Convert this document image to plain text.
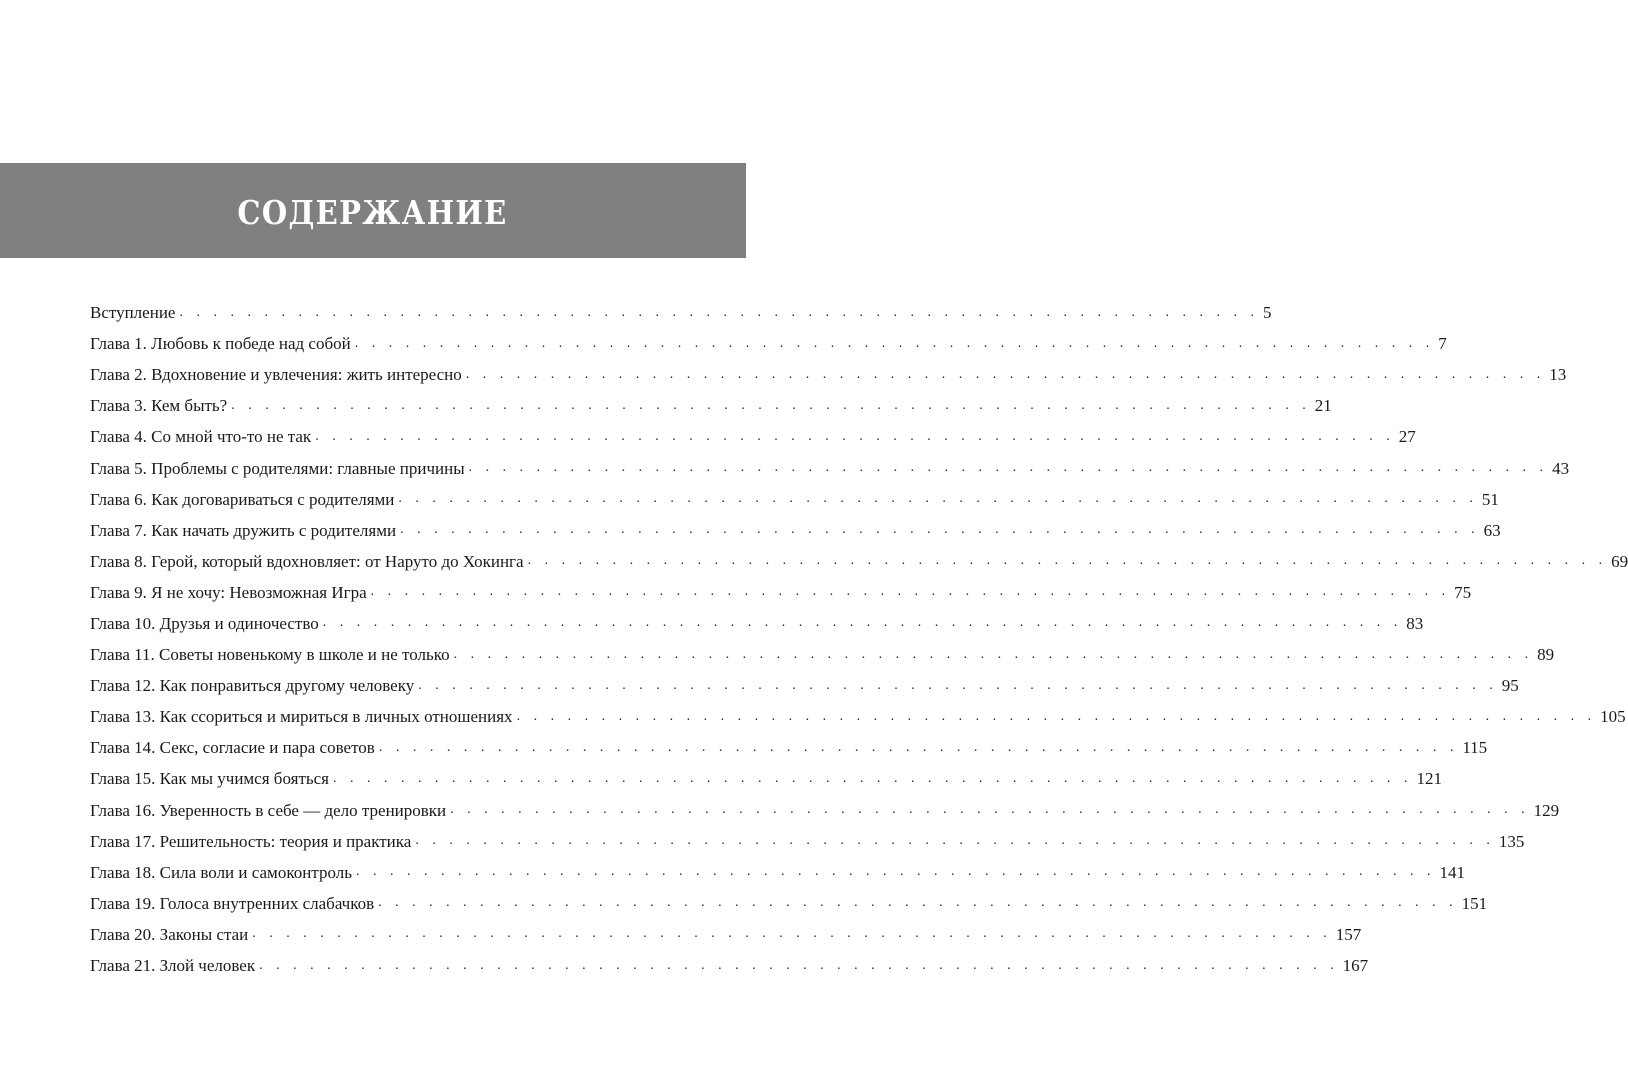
СОДЕРЖАНИЕ
Вступление . . . . . . . . . . . . . . . . . . . . . . . . . . . . . . . . . . . . . . . . . . . . . . . . . . . . . . . . . . . . . . . . 5
Глава 1. Любовь к победе над собой . . . . . . . . . . . . . . . . . . . . . . . . . . . . . . . . . . . . . . . . . . . . . . . . . . . . . . . . . . . . . . . . 7
Глава 2. Вдохновение и увлечения: жить интересно . . . . . . . . . . . . . . . . . . . . . . . . . . . . . . . . . . . . . . . . . . . . . . . . . . . . . . . . . . . . . . . . 13
Глава 3. Кем быть? . . . . . . . . . . . . . . . . . . . . . . . . . . . . . . . . . . . . . . . . . . . . . . . . . . . . . . . . . . . . . . . . 21
Глава 4. Со мной что-то не так . . . . . . . . . . . . . . . . . . . . . . . . . . . . . . . . . . . . . . . . . . . . . . . . . . . . . . . . . . . . . . . . 27
Глава 5. Проблемы с родителями: главные причины . . . . . . . . . . . . . . . . . . . . . . . . . . . . . . . . . . . . . . . . . . . . . . . . . . . . . . . . . . . . . . . . 43
Глава 6. Как договариваться с родителями . . . . . . . . . . . . . . . . . . . . . . . . . . . . . . . . . . . . . . . . . . . . . . . . . . . . . . . . . . . . . . . . 51
Глава 7. Как начать дружить с родителями . . . . . . . . . . . . . . . . . . . . . . . . . . . . . . . . . . . . . . . . . . . . . . . . . . . . . . . . . . . . . . . . 63
Глава 8. Герой, который вдохновляет: от Наруто до Хокинга . . . . . . . . . . . . . . . . . . . . . . . . . . . . . . . . . . . . . . . . . . . . . . . . . . . . . . . . . . . . . . . . 69
Глава 9. Я не хочу: Невозможная Игра . . . . . . . . . . . . . . . . . . . . . . . . . . . . . . . . . . . . . . . . . . . . . . . . . . . . . . . . . . . . . . . . 75
Глава 10. Друзья и одиночество . . . . . . . . . . . . . . . . . . . . . . . . . . . . . . . . . . . . . . . . . . . . . . . . . . . . . . . . . . . . . . . . 83
Глава 11. Советы новенькому в школе и не только . . . . . . . . . . . . . . . . . . . . . . . . . . . . . . . . . . . . . . . . . . . . . . . . . . . . . . . . . . . . . . . . 89
Глава 12. Как понравиться другому человеку . . . . . . . . . . . . . . . . . . . . . . . . . . . . . . . . . . . . . . . . . . . . . . . . . . . . . . . . . . . . . . . . 95
Глава 13. Как ссориться и мириться в личных отношениях . . . . . . . . . . . . . . . . . . . . . . . . . . . . . . . . . . . . . . . . . . . . . . . . . . . . . . . . . . . . . . . . 105
Глава 14. Секс, согласие и пара советов . . . . . . . . . . . . . . . . . . . . . . . . . . . . . . . . . . . . . . . . . . . . . . . . . . . . . . . . . . . . . . . . 115
Глава 15. Как мы учимся бояться . . . . . . . . . . . . . . . . . . . . . . . . . . . . . . . . . . . . . . . . . . . . . . . . . . . . . . . . . . . . . . . . 121
Глава 16. Уверенность в себе — дело тренировки . . . . . . . . . . . . . . . . . . . . . . . . . . . . . . . . . . . . . . . . . . . . . . . . . . . . . . . . . . . . . . . . 129
Глава 17. Решительность: теория и практика . . . . . . . . . . . . . . . . . . . . . . . . . . . . . . . . . . . . . . . . . . . . . . . . . . . . . . . . . . . . . . . . 135
Глава 18. Сила воли и самоконтроль . . . . . . . . . . . . . . . . . . . . . . . . . . . . . . . . . . . . . . . . . . . . . . . . . . . . . . . . . . . . . . . . 141
Глава 19. Голоса внутренних слабачков . . . . . . . . . . . . . . . . . . . . . . . . . . . . . . . . . . . . . . . . . . . . . . . . . . . . . . . . . . . . . . . . 151
Глава 20. Законы стаи . . . . . . . . . . . . . . . . . . . . . . . . . . . . . . . . . . . . . . . . . . . . . . . . . . . . . . . . . . . . . . . . 157
Глава 21. Злой человек . . . . . . . . . . . . . . . . . . . . . . . . . . . . . . . . . . . . . . . . . . . . . . . . . . . . . . . . . . . . . . . . 167
